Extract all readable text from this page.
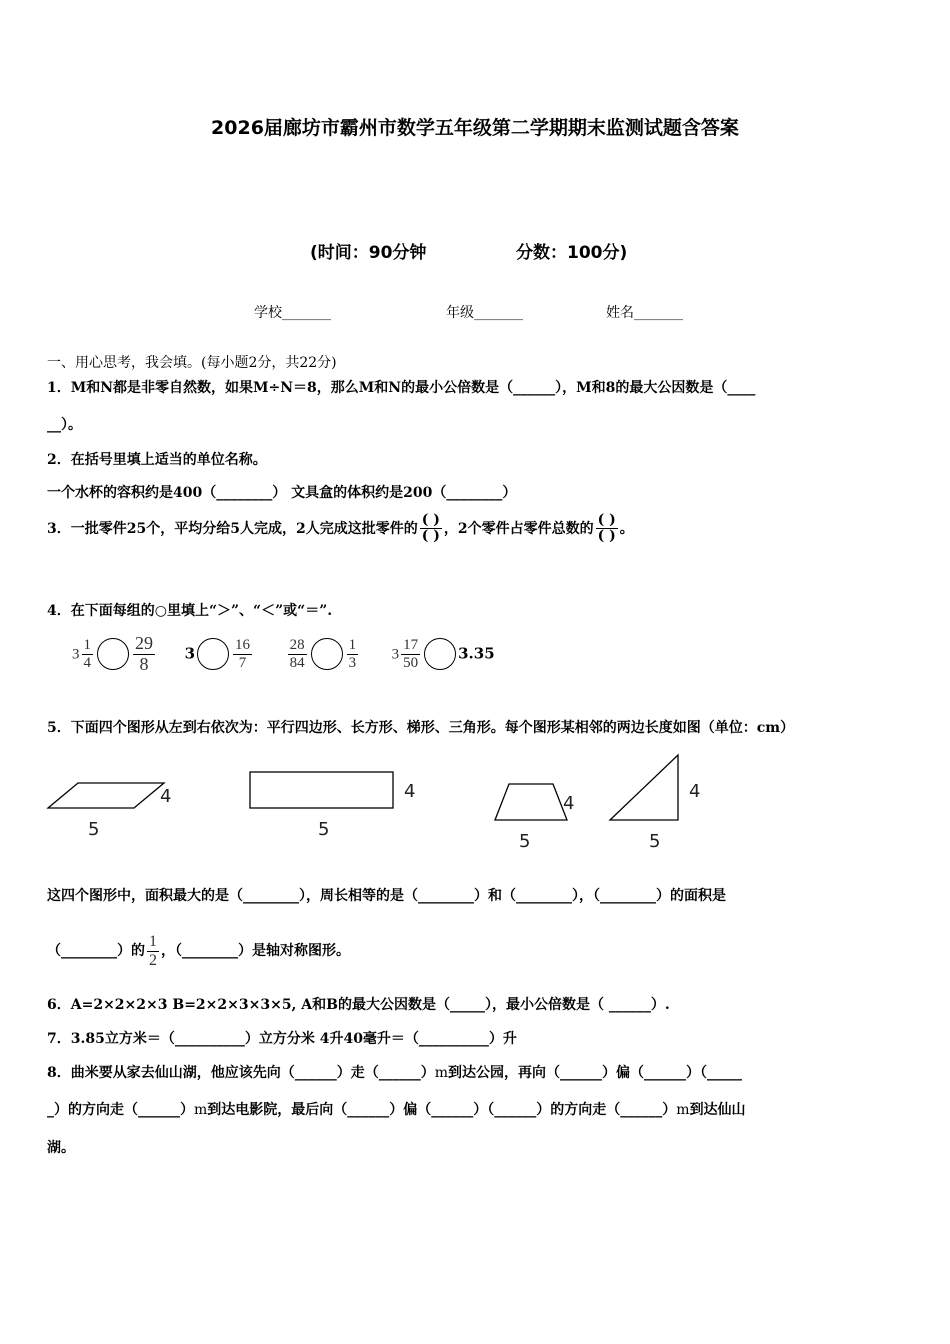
2026届廊坊市霸州市数学五年级第二学期期末监测试题含答案
(时间：90分钟	分数：100分)
学校_______	年级_______	姓名_______
一、用心思考，我会填。(每小题2分，共22分)
1．M和N都是非零自然数，如果M÷N＝8，那么M和N的最小公倍数是（______），M和8的最大公因数是（____
__）。
2．在括号里填上适当的单位名称。
一个水杯的容积约是400（________） 文具盒的体积约是200（________）
3．一批零件25个，平均分给5人完成，2人完成这批零件的 $\frac{( )}{( )}$ ，2个零件占零件总数的 $\frac{( )}{( )}$ 。
4．在下面每组的○里填上“＞”、“＜”或“＝”.
$3 \frac{1}{4} \frac{29}{8} 3$	$\frac{16}{7}$
$\frac{28}{84}$	$\frac{1}{3} 3 \frac{17}{50}$	3.35
5．下面四个图形从左到右依次为：平行四边形、长方形、梯形、三角形。每个图形某相邻的两边长度如图（单位：cm）
4
5
4
5
4
5
4
5
这四个图形中，面积最大的是（________），周长相等的是（________）和（________），（________）的面积是
（________）的 $\frac{1}{2}$ ，（________）是轴对称图形。
6．A=2×2×2×3 B=2×2×3×3×5, A和B的最大公因数是（_____），最小公倍数是（ ______）.
7．3.85立方米＝（__________）立方分米 4升40毫升＝（__________）升
8．曲米要从家去仙山湖，他应该先向（______）走（______）m到达公园，再向（______）偏（______）（_____
_）的方向走（______）m到达电影院，最后向（______）偏（______）（______）的方向走（______）m到达仙山
湖。
